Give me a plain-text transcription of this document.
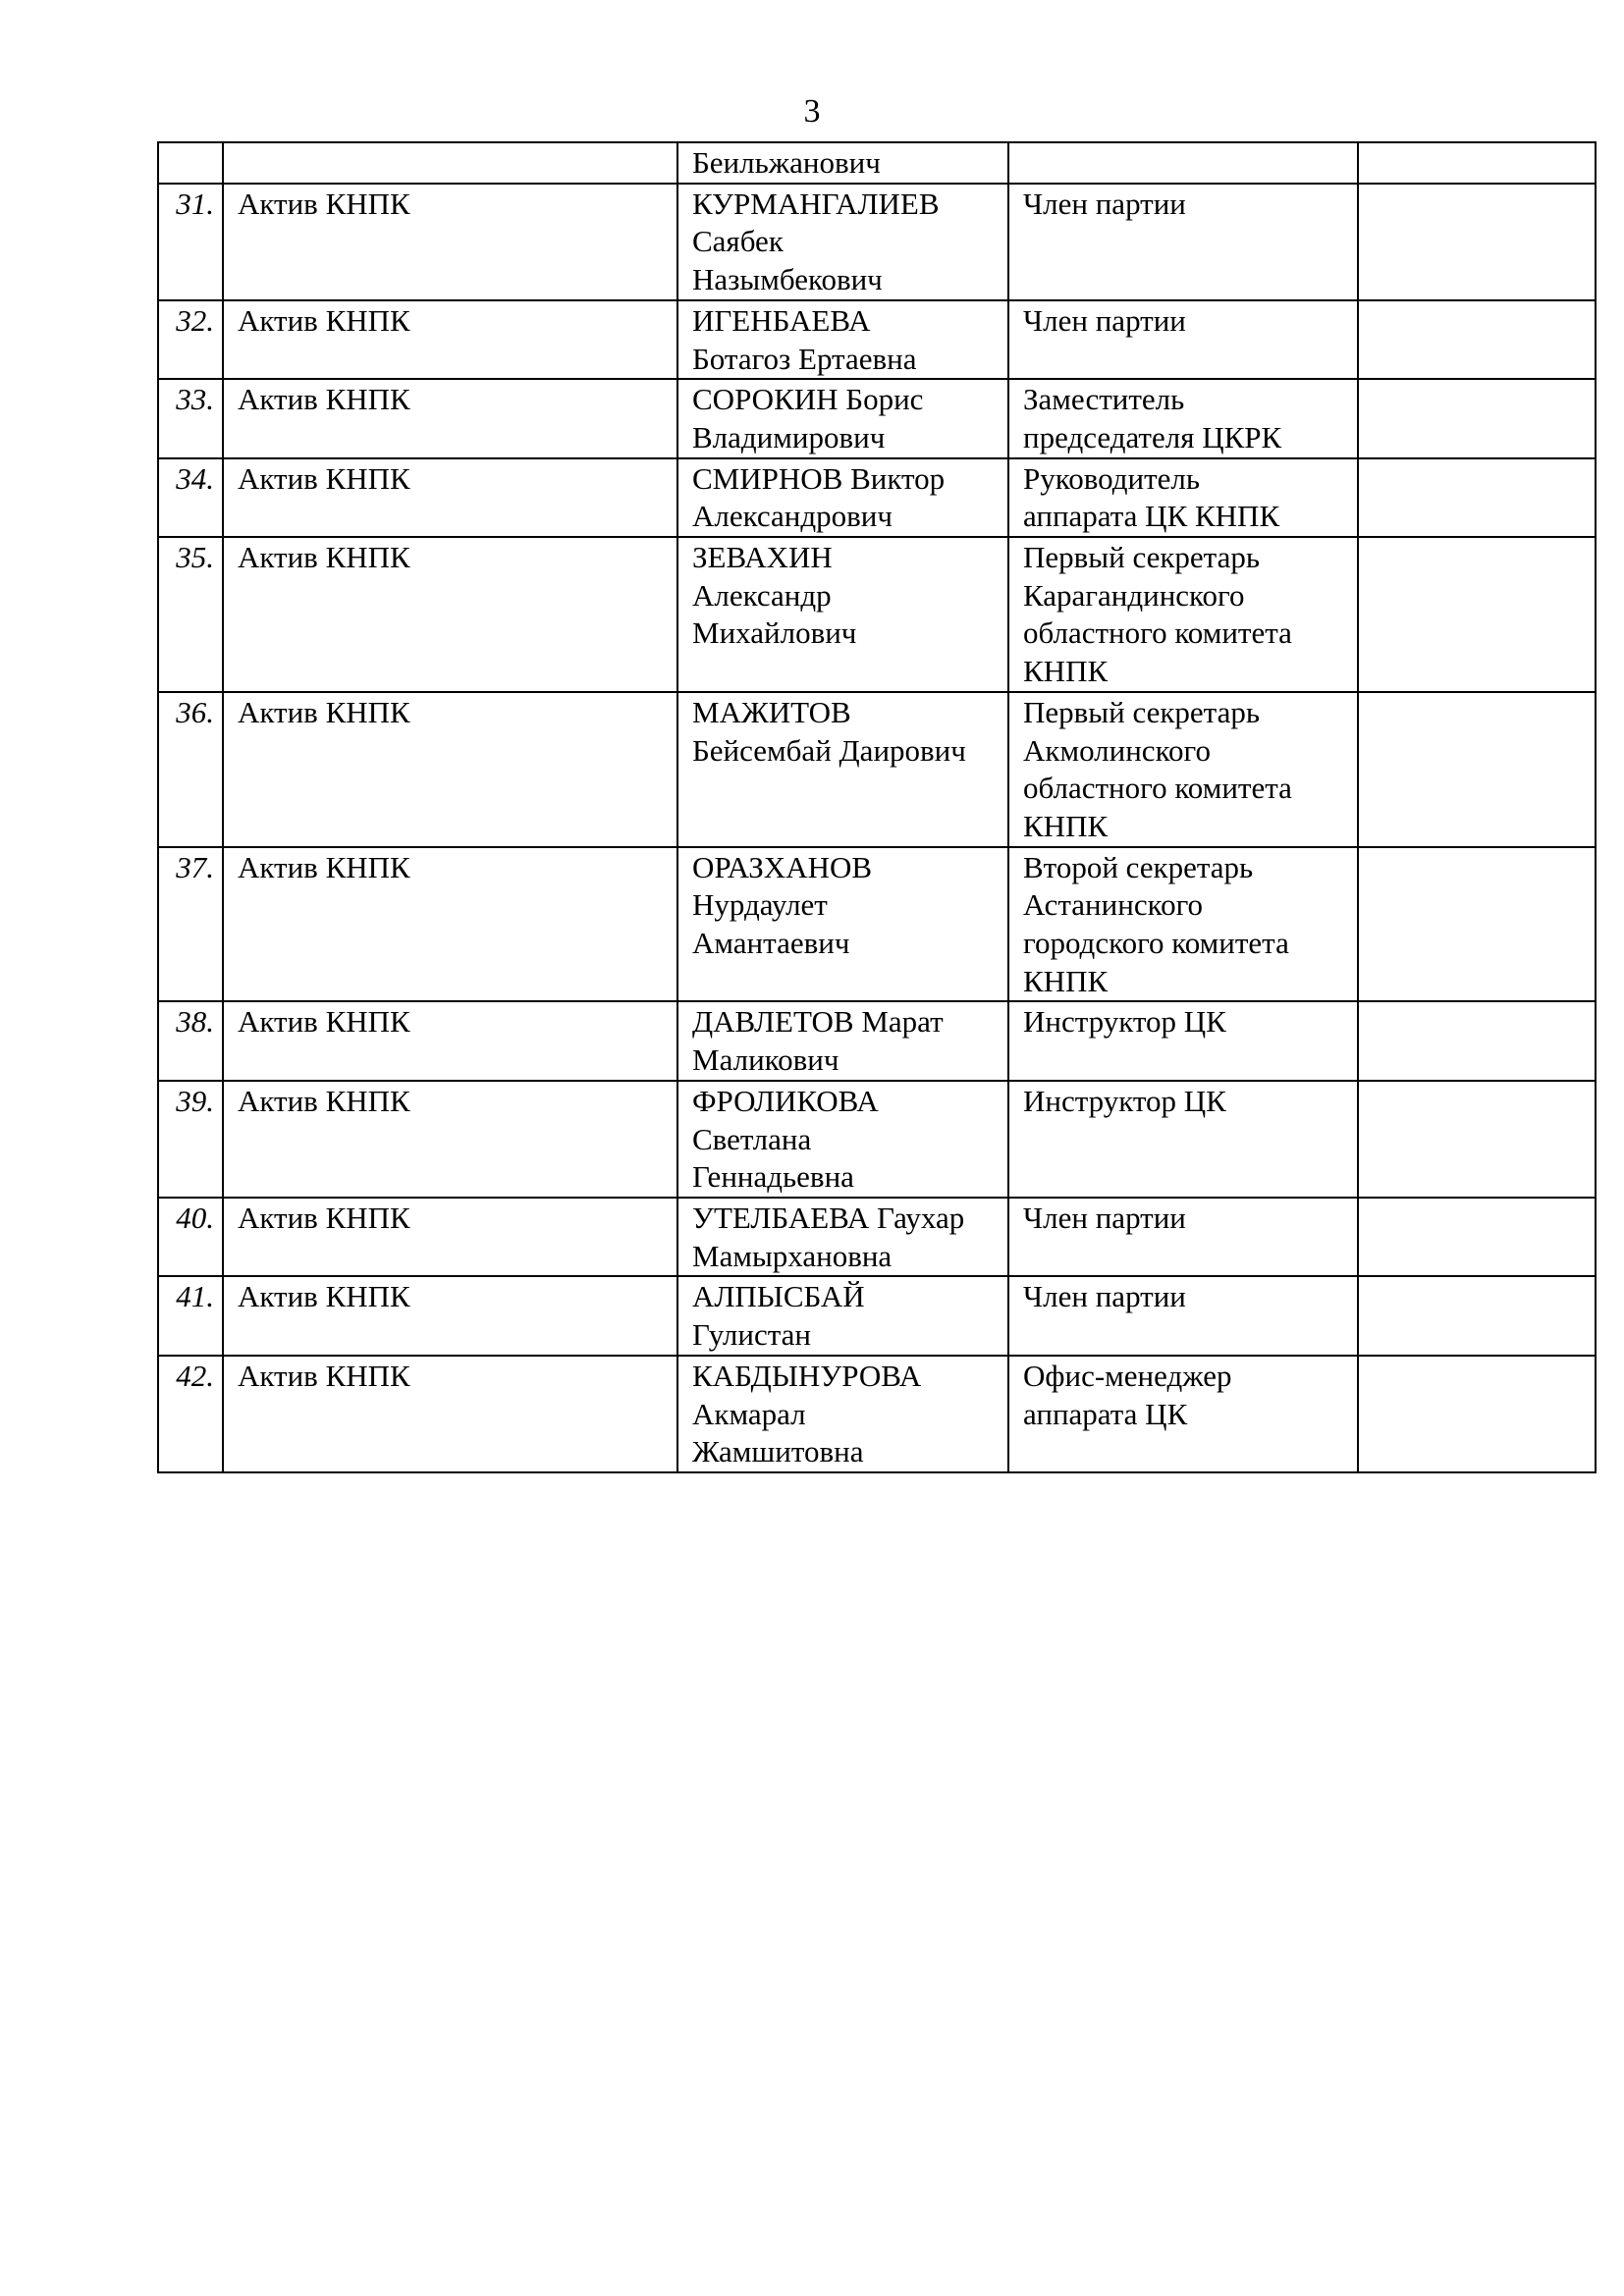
3
		Беильжанович		
31.	Актив КНПК	КУРМАНГАЛИЕВ
Саябек
Назымбекович	Член партии	
32.	Актив КНПК	ИГЕНБАЕВА
Ботагоз Ертаевна	Член партии	
33.	Актив КНПК	СОРОКИН Борис
Владимирович	Заместитель
председателя ЦКРК	
34.	Актив КНПК	СМИРНОВ Виктор
Александрович	Руководитель
аппарата ЦК КНПК	
35.	Актив КНПК	ЗЕВАХИН
Александр
Михайлович	Первый секретарь
Карагандинского
областного комитета
КНПК	
36.	Актив КНПК	МАЖИТОВ
Бейсембай Даирович	Первый секретарь
Акмолинского
областного комитета
КНПК	
37.	Актив КНПК	ОРАЗХАНОВ
Нурдаулет
Амантаевич	Второй секретарь
Астанинского
городского комитета
КНПК	
38.	Актив КНПК	ДАВЛЕТОВ Марат
Маликович	Инструктор ЦК	
39.	Актив КНПК	ФРОЛИКОВА
Светлана
Геннадьевна	Инструктор ЦК	
40.	Актив КНПК	УТЕЛБАЕВА Гаухар
Мамырхановна	Член партии	
41.	Актив КНПК	АЛПЫСБАЙ
Гулистан	Член партии	
42.	Актив КНПК	КАБДЫНУРОВА
Акмарал
Жамшитовна	Офис-менеджер
аппарата ЦК	
